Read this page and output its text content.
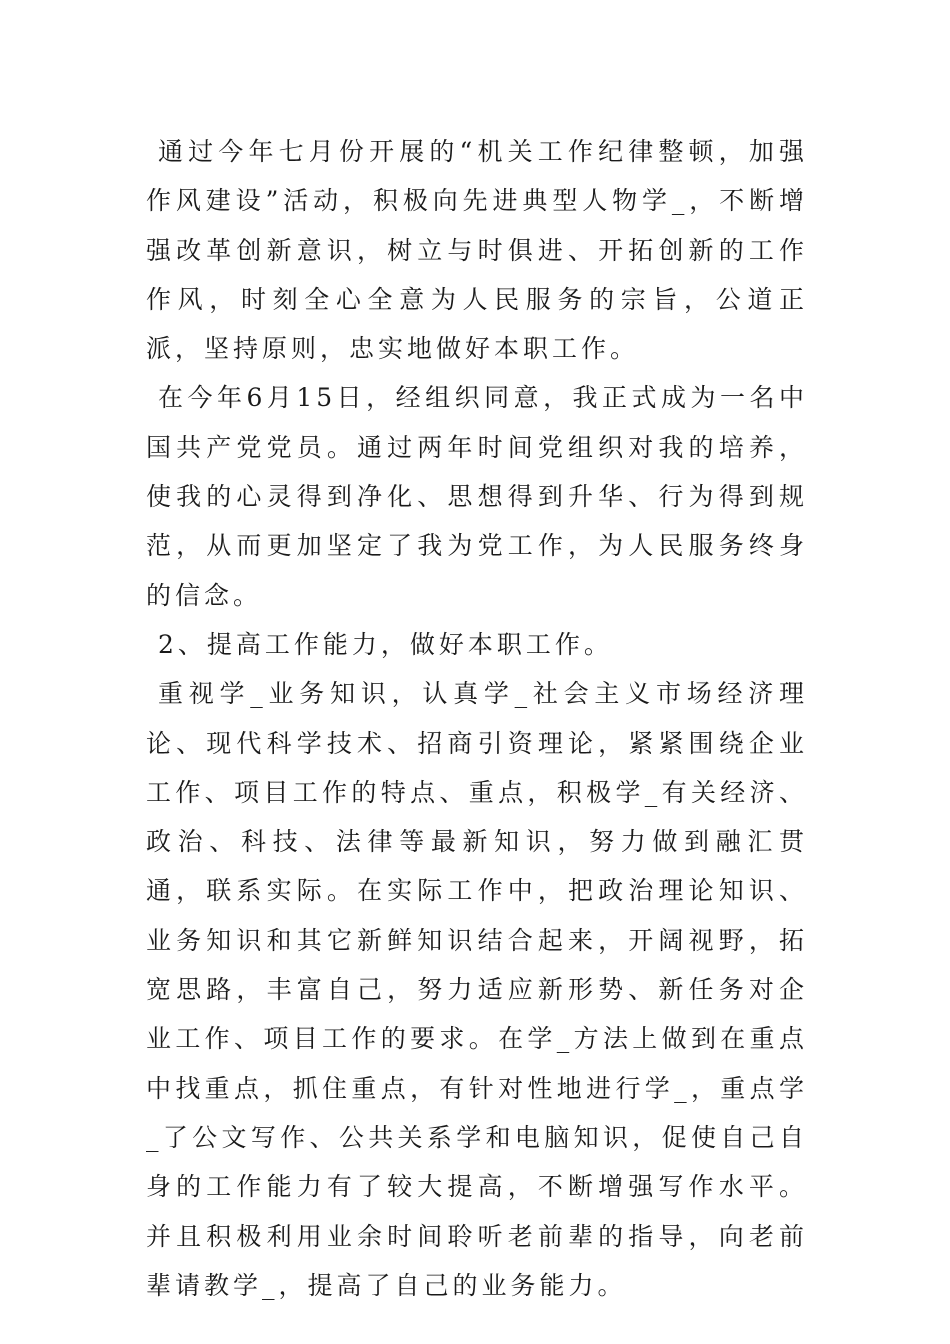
通过今年七月份开展的“机关工作纪律整顿，加强作风建设”活动，积极向先进典型人物学_，不断增强改革创新意识，树立与时俱进、开拓创新的工作作风，时刻全心全意为人民服务的宗旨，公道正派，坚持原则，忠实地做好本职工作。

在今年6月15日，经组织同意，我正式成为一名中国共产党党员。通过两年时间党组织对我的培养，使我的心灵得到净化、思想得到升华、行为得到规范，从而更加坚定了我为党工作，为人民服务终身的信念。

2、提高工作能力，做好本职工作。

重视学_业务知识，认真学_社会主义市场经济理论、现代科学技术、招商引资理论，紧紧围绕企业工作、项目工作的特点、重点，积极学_有关经济、政治、科技、法律等最新知识，努力做到融汇贯通，联系实际。在实际工作中，把政治理论知识、业务知识和其它新鲜知识结合起来，开阔视野，拓宽思路，丰富自己，努力适应新形势、新任务对企业工作、项目工作的要求。在学_方法上做到在重点中找重点，抓住重点，有针对性地进行学_，重点学_了公文写作、公共关系学和电脑知识，促使自己自身的工作能力有了较大提高，不断增强写作水平。并且积极利用业余时间聆听老前辈的指导，向老前辈请教学_，提高了自己的业务能力。
